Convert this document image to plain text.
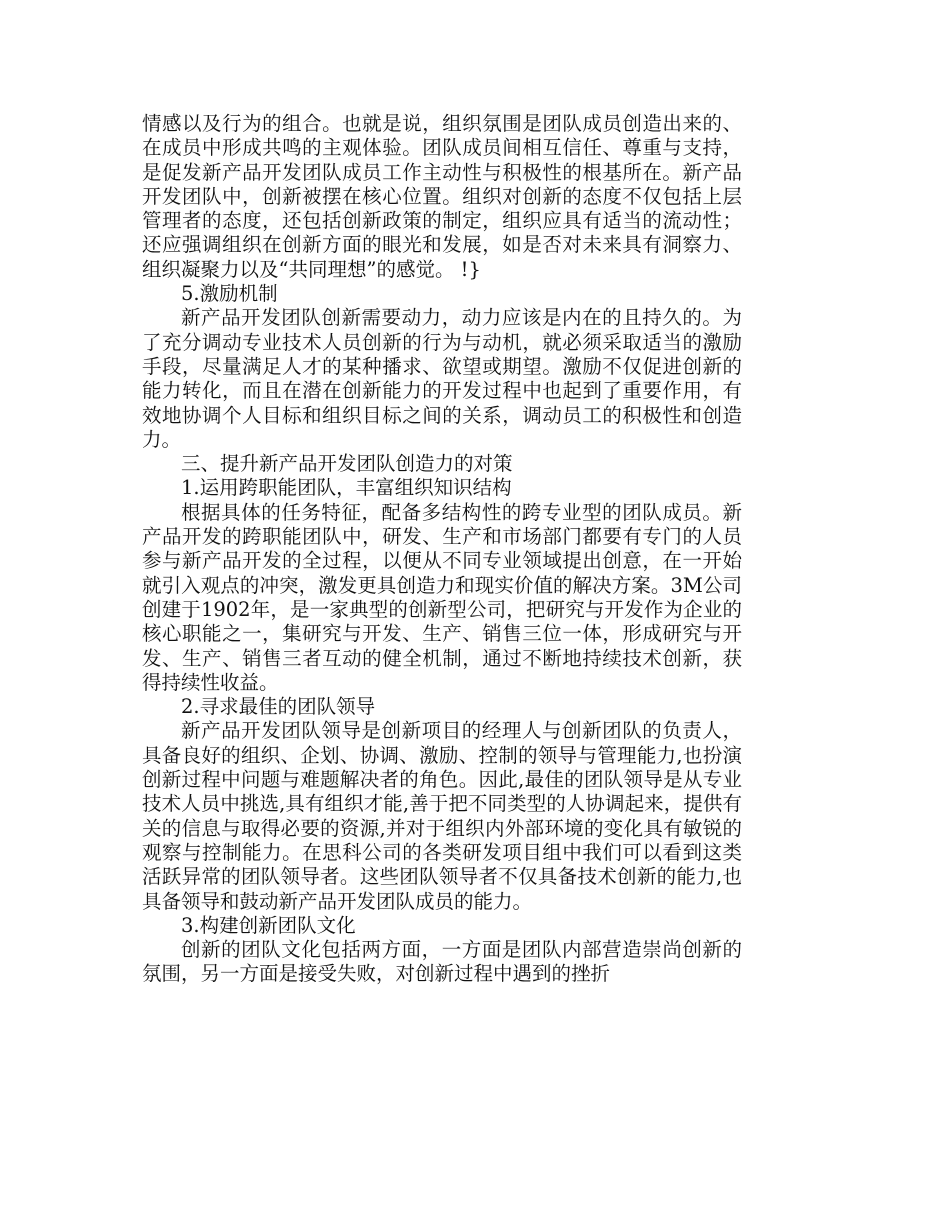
情感以及行为的组合。也就是说，组织氛围是团队成员创造出来的、在成员中形成共鸣的主观体验。团队成员间相互信任、尊重与支持，是促发新产品开发团队成员工作主动性与积极性的根基所在。新产品开发团队中，创新被摆在核心位置。组织对创新的态度不仅包括上层管理者的态度，还包括创新政策的制定，组织应具有适当的流动性；还应强调组织在创新方面的眼光和发展，如是否对未来具有洞察力、组织凝聚力以及“共同理想”的感觉。 !}

5.激励机制

新产品开发团队创新需要动力，动力应该是内在的且持久的。为了充分调动专业技术人员创新的行为与动机，就必须采取适当的激励手段，尽量满足人才的某种播求、欲望或期望。激励不仅促进创新的能力转化，而且在潜在创新能力的开发过程中也起到了重要作用，有效地协调个人目标和组织目标之间的关系，调动员工的积极性和创造力。

三、提升新产品开发团队创造力的对策

1.运用跨职能团队，丰富组织知识结构

根据具体的任务特征，配备多结构性的跨专业型的团队成员。新产品开发的跨职能团队中，研发、生产和市场部门都要有专门的人员参与新产品开发的全过程，以便从不同专业领域提出创意，在一开始就引入观点的冲突，激发更具创造力和现实价值的解决方案。3M公司创建于1902年，是一家典型的创新型公司，把研究与开发作为企业的核心职能之一，集研究与开发、生产、销售三位一体，形成研究与开发、生产、销售三者互动的健全机制，通过不断地持续技术创新，获得持续性收益。

2.寻求最佳的团队领导

新产品开发团队领导是创新项目的经理人与创新团队的负责人，具备良好的组织、企划、协调、激励、控制的领导与管理能力,也扮演创新过程中问题与难题解决者的角色。因此,最佳的团队领导是从专业技术人员中挑选,具有组织才能,善于把不同类型的人协调起来，提供有关的信息与取得必要的资源,并对于组织内外部环境的变化具有敏锐的观察与控制能力。在思科公司的各类研发项目组中我们可以看到这类活跃异常的团队领导者。这些团队领导者不仅具备技术创新的能力,也具备领导和鼓动新产品开发团队成员的能力。

3.构建创新团队文化

创新的团队文化包括两方面，一方面是团队内部营造崇尚创新的氛围，另一方面是接受失败，对创新过程中遇到的挫折
